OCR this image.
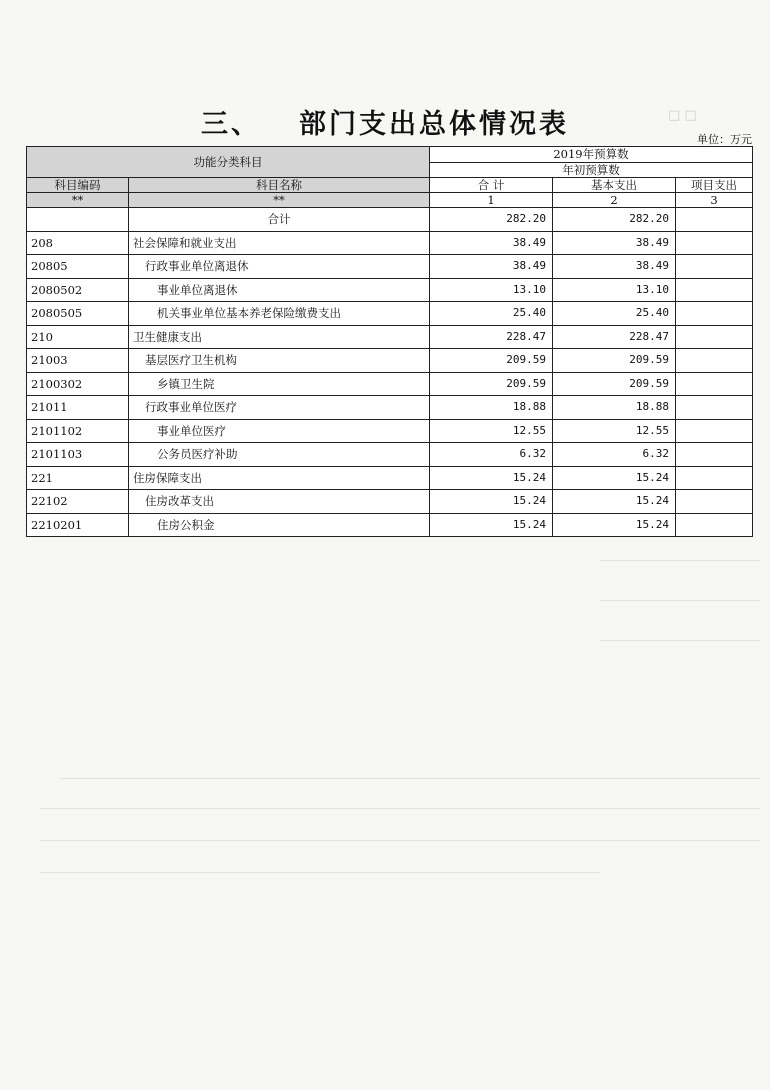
□ □
三、 部门支出总体情况表	单位：万元
功能分类科目		2019年预算数		
		年初预算数		
科目编码	科目名称	合 计	基本支出	项目支出
**	**	1	2	3
	合计	282.20	282.20	
208	社会保障和就业支出	38.49	38.49	
20805	行政事业单位离退休	38.49	38.49	
2080502	事业单位离退休	13.10	13.10	
2080505	机关事业单位基本养老保险缴费支出	25.40	25.40	
210	卫生健康支出	228.47	228.47	
21003	基层医疗卫生机构	209.59	209.59	
2100302	乡镇卫生院	209.59	209.59	
21011	行政事业单位医疗	18.88	18.88	
2101102	事业单位医疗	12.55	12.55	
2101103	公务员医疗补助	6.32	6.32	
221	住房保障支出	15.24	15.24	
22102	住房改革支出	15.24	15.24	
2210201	住房公积金	15.24	15.24	
